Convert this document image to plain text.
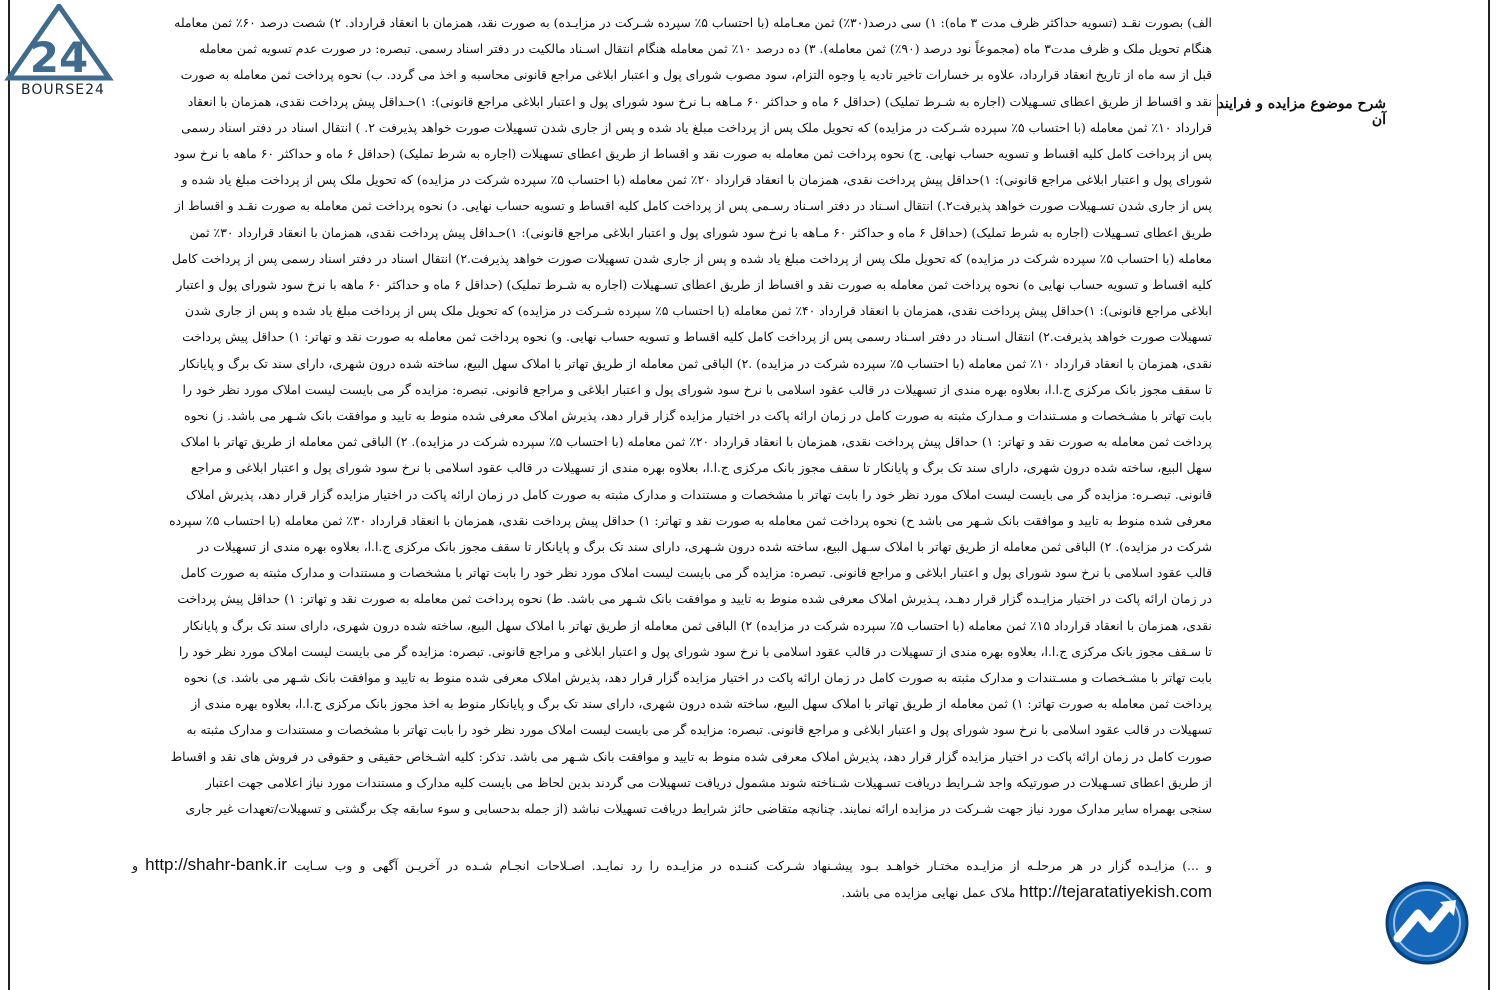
24
BOURSE24
شرح موضوع مزایده و فرایند آن
الف) بصورت نقـد (تسویه حداکثر ظرف مدت ۳ ماه): ۱) سی درصد(۳۰٪) ثمن معـامله (با احتساب ۵٪ سپرده شـرکت در مزایـده) به صورت نقد، همزمان با انعقاد قرارداد. ۲) شصت درصد ۶۰٪ ثمن معامله
هنگام تحویل ملک و ظرف مدت۳ ماه (مجموعاً نود درصد (۹۰٪) ثمن معامله). ۳) ده درصد ۱۰٪ ثمن معامله هنگام انتقال اسـناد مالکیت در دفتر اسناد رسمی. تبصره: در صورت عدم تسویه ثمن معامله
قبل از سه ماه از تاریخ انعقاد قرارداد، علاوه بر خسارات تاخیر تادیه یا وجوه التزام، سود مصوب شورای پول و اعتبار ابلاغی مراجع قانونی محاسبه و اخذ می گردد. ب) نحوه پرداخت ثمن معامله به صورت
نقد و اقساط از طریق اعطای تسـهیلات (اجاره به شـرط تملیک) (حداقل ۶ ماه و حداکثر ۶۰ مـاهه بـا نرخ سود شورای پول و اعتبار ابلاغی مراجع قانونی): ۱)حـداقل پیش پرداخت نقدی، همزمان با انعقاد
قرارداد ۱۰٪ ثمن معامله (با احتساب ۵٪ سپرده شـرکت در مزایده) که تحویل ملک پس از پرداخت مبلغ یاد شده و پس از جاری شدن تسهیلات صورت خواهد پذیرفت ۲. ) انتقال اسناد در دفتر اسناد رسمی
پس از پرداخت کامل کلیه اقساط و تسویه حساب نهایی. ج) نحوه پرداخت ثمن معامله به صورت نقد و اقساط از طریق اعطای تسهیلات (اجاره به شرط تملیک) (حداقل ۶ ماه و حداکثر ۶۰ ماهه با نرخ سود
شورای پول و اعتبار ابلاغی مراجع قانونی): ۱)حداقل پیش پرداخت نقدی، همزمان با انعقاد قرارداد ۲۰٪ ثمن معامله (با احتساب ۵٪ سپرده شرکت در مزایده) که تحویل ملک پس از پرداخت مبلغ یاد شده و
پس از جاری شدن تسـهیلات صورت خواهد پذیرفت۲.) انتقال اسـناد در دفتر اسـناد رسـمی پس از پرداخت کامل کلیه اقساط و تسویه حساب نهایی. د) نحوه پرداخت ثمن معامله به صورت نقـد و اقساط از
طریق اعطای تسـهیلات (اجاره به شرط تملیک) (حداقل ۶ ماه و حداکثر ۶۰ مـاهه با نرخ سود شورای پول و اعتبار ابلاغی مراجع قانونی): ۱)حـداقل پیش پرداخت نقدی، همزمان با انعقاد قرارداد ۳۰٪ ثمن
معامله (با احتساب ۵٪ سپرده شرکت در مزایده) که تحویل ملک پس از پرداخت مبلغ یاد شده و پس از جاری شدن تسهیلات صورت خواهد پذیرفت.۲) انتقال اسناد در دفتر اسناد رسمی پس از پرداخت کامل
کلیه اقساط و تسویه حساب نهایی ه) نحوه پرداخت ثمن معامله به صورت نقد و اقساط از طریق اعطای تسـهیلات (اجاره به شـرط تملیک) (حداقل ۶ ماه و حداکثر ۶۰ ماهه با نرخ سود شورای پول و اعتبار
ابلاغی مراجع قانونی): ۱)حداقل پیش پرداخت نقدی، همزمان با انعقاد قرارداد ۴۰٪ ثمن معامله (با احتساب ۵٪ سپرده شـرکت در مزایده) که تحویل ملک پس از پرداخت مبلغ یاد شده و پس از جاری شدن
تسهیلات صورت خواهد پذیرفت.۲) انتقال اسـناد در دفتر اسـناد رسمی پس از پرداخت کامل کلیه اقساط و تسویه حساب نهایی. و) نحوه پرداخت ثمن معامله به صورت نقد و تهاتر: ۱) حداقل پیش پرداخت
نقدی، همزمان با انعقاد قرارداد ۱۰٪ ثمن معامله (با احتساب ۵٪ سپرده شرکت در مزایده) .۲) الباقی ثمن معامله از طریق تهاتر با املاک سهل البیع، ساخته شده درون شهری، دارای سند تک برگ و پایانکار
تا سقف مجوز بانک مرکزی ج.ا.ا، بعلاوه بهره مندی از تسهیلات در قالب عقود اسلامی با نرخ سود شورای پول و اعتبار ابلاغی و مراجع قانونی. تبصره: مزایده گر می بایست لیست املاک مورد نظر خود را
بابت تهاتر با مشـخصات و مسـتندات و مـدارک مثبته به صورت کامل در زمان ارائه پاکت در اختیار مزایده گزار قرار دهد، پذیرش املاک معرفی شده منوط به تایید و موافقت بانک شـهر می باشد. ز) نحوه
پرداخت ثمن معامله به صورت نقد و تهاتر: ۱) حداقل پیش پرداخت نقدی، همزمان با انعقاد قرارداد ۲۰٪ ثمن معامله (با احتساب ۵٪ سپرده شرکت در مزایده). ۲) الباقی ثمن معامله از طریق تهاتر با املاک
سهل البیع، ساخته شده درون شهری، دارای سند تک برگ و پایانکار تا سقف مجوز بانک مرکزی ج.ا.ا، بعلاوه بهره مندی از تسهیلات در قالب عقود اسلامی با نرخ سود شورای پول و اعتبار ابلاغی و مراجع
قانونی. تبصـره: مزایده گر می بایست لیست املاک مورد نظر خود را بابت تهاتر با مشخصات و مستندات و مدارک مثبته به صورت کامل در زمان ارائه پاکت در اختیار مزایده گزار قرار دهد، پذیرش املاک
معرفی شده منوط به تایید و موافقت بانک شـهر می باشد ح) نحوه پرداخت ثمن معامله به صورت نقد و تهاتر: ۱) حداقل پیش پرداخت نقدی، همزمان با انعقاد قرارداد ۳۰٪ ثمن معامله (با احتساب ۵٪ سپرده
شرکت در مزایده). ۲) الباقی ثمن معامله از طریق تهاتر با املاک سـهل البیع، ساخته شده درون شـهری، دارای سند تک برگ و پایانکار تا سقف مجوز بانک مرکزی ج.ا.ا، بعلاوه بهره مندی از تسهیلات در
قالب عقود اسلامی با نرخ سود شورای پول و اعتبار ابلاغی و مراجع قانونی. تبصره: مزایده گر می بایست لیست املاک مورد نظر خود را بابت تهاتر با مشخصات و مستندات و مدارک مثبته به صورت کامل
در زمان ارائه پاکت در اختیار مزایـده گزار قرار دهـد، پـذیرش املاک معرفی شده منوط به تایید و موافقت بانک شـهر می باشد. ط) نحوه پرداخت ثمن معامله به صورت نقد و تهاتر: ۱) حداقل پیش پرداخت
نقدی، همزمان با انعقاد قرارداد ۱۵٪ ثمن معامله (با احتساب ۵٪ سپرده شرکت در مزایده) ۲) الباقی ثمن معامله از طریق تهاتر با املاک سهل البیع، ساخته شده درون شهری، دارای سند تک برگ و پایانکار
تا سـقف مجوز بانک مرکزی ج.ا.ا، بعلاوه بهره مندی از تسهیلات در قالب عقود اسلامی با نرخ سود شورای پول و اعتبار ابلاغی و مراجع قانونی. تبصره: مزایده گر می بایست لیست املاک مورد نظر خود را
بابت تهاتر با مشـخصات و مسـتندات و مدارک مثبته به صورت کامل در زمان ارائه پاکت در اختیار مزایده گزار قرار دهد، پذیرش املاک معرفی شده منوط به تایید و موافقت بانک شـهر می باشد. ی) نحوه
پرداخت ثمن معامله به صورت تهاتر: ۱) ثمن معامله از طریق تهاتر با املاک سهل البیع، ساخته شده درون شهری، دارای سند تک برگ و پایانکار منوط به اخذ مجوز بانک مرکزی ج.ا.ا، بعلاوه بهره مندی از
تسهیلات در قالب عقود اسلامی با نرخ سود شورای پول و اعتبار ابلاغی و مراجع قانونی. تبصره: مزایده گر می بایست لیست املاک مورد نظر خود را بابت تهاتر با مشخصات و مستندات و مدارک مثبته به
صورت کامل در زمان ارائه پاکت در اختیار مزایده گزار قرار دهد، پذیرش املاک معرفی شده منوط به تایید و موافقت بانک شـهر می باشد. تذکر: کلیه اشـخاص حقیقی و حقوقی در فروش های نقد و اقساط
از طریق اعطای تسـهیلات در صورتیکه واجد شـرایط دریافت تسـهیلات شـناخته شوند مشمول دریافت تسهیلات می گردند بدین لحاظ می بایست کلیه مدارک و مستندات مورد نیاز اعلامی جهت اعتبار
سنجی بهمراه سایر مدارک مورد نیاز جهت شـرکت در مزایده ارائه نمایند. چنانچه متقاضی حائز شرایط دریافت تسهیلات نباشد (از جمله بدحسابی و سوء سابقه چک برگشتی و تسهیلات/تعهدات غیر جاری
و ...) مزایـده گزار در هر مرحلـه از مزایـده مختـار خواهـد بـود پیشـنهاد شـرکت کننـده در مزایـده را رد نمایـد. اصـلاحات انجـام شـده در آخریـن آگهی و وب سـایت http://shahr-bank.ir و
http://tejaratatiyekish.com ملاک عمل نهایی مزایده می باشد.
